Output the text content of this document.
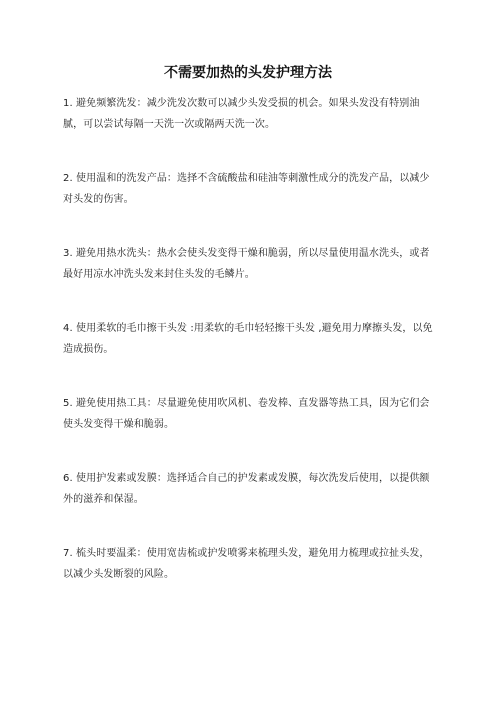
不需要加热的头发护理方法
1. 避免频繁洗发：减少洗发次数可以减少头发受损的机会。如果头发没有特别油腻，可以尝试每隔一天洗一次或隔两天洗一次。
2. 使用温和的洗发产品：选择不含硫酸盐和硅油等刺激性成分的洗发产品，以减少对头发的伤害。
3. 避免用热水洗头：热水会使头发变得干燥和脆弱，所以尽量使用温水洗头，或者最好用凉水冲洗头发来封住头发的毛鳞片。
4. 使用柔软的毛巾擦干头发 :用柔软的毛巾轻轻擦干头发 ,避免用力摩擦头发，以免造成损伤。
5. 避免使用热工具：尽量避免使用吹风机、卷发棒、直发器等热工具，因为它们会使头发变得干燥和脆弱。
6. 使用护发素或发膜：选择适合自己的护发素或发膜，每次洗发后使用，以提供额外的滋养和保湿。
7. 梳头时要温柔：使用宽齿梳或护发喷雾来梳理头发，避免用力梳理或拉扯头发，以减少头发断裂的风险。
